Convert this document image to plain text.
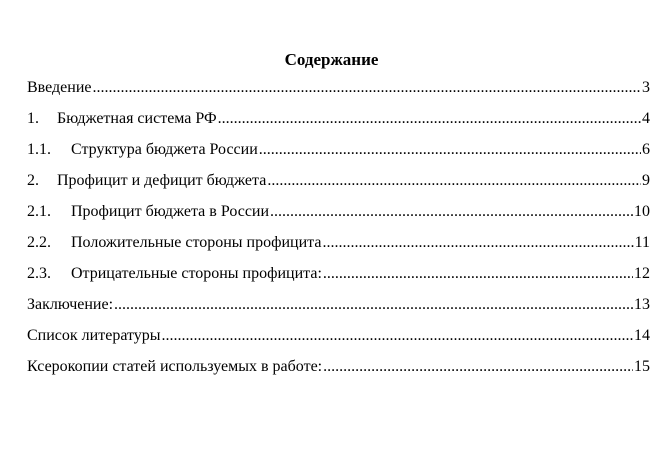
Содержание
Введение .....	3
1.	Бюджетная система РФ .....	4
1.1.	Структура бюджета России .....	6
2.	Профицит и дефицит бюджета .....	9
2.1.	Профицит бюджета в России .....	10
2.2.	Положительные стороны профицита .....	11
2.3.	Отрицательные стороны профицита: .....	12
Заключение: .....	13
Список литературы .....	14
Ксерокопии статей используемых в работе: .....	15
